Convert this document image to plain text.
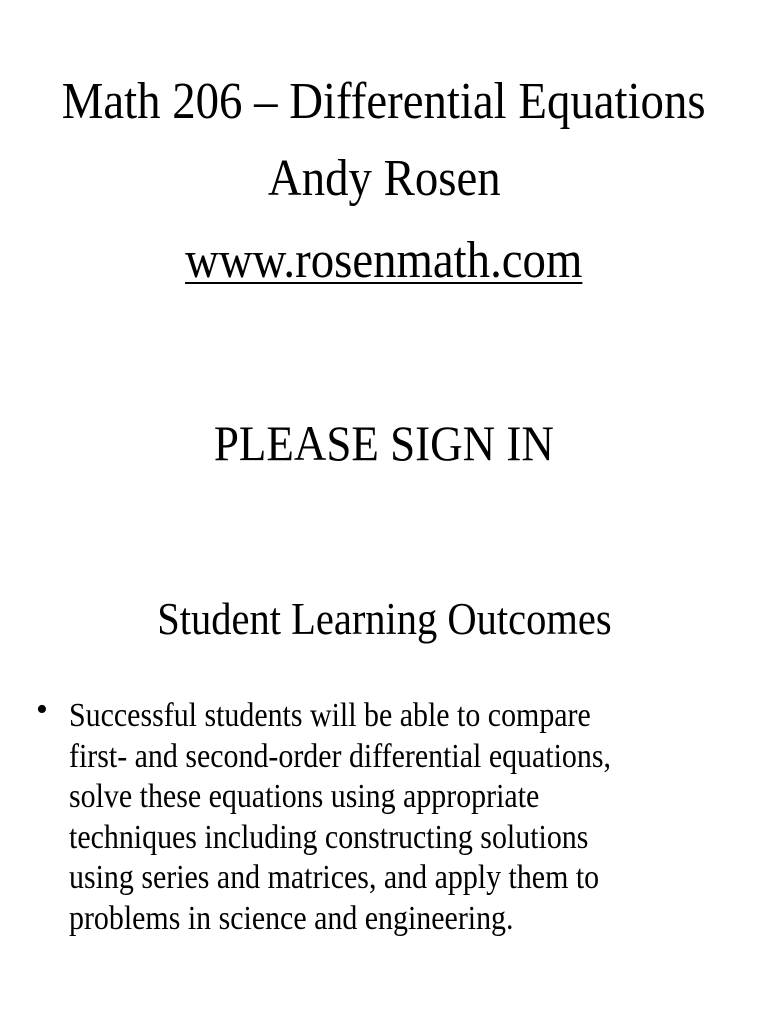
Math 206 – Differential Equations
Andy Rosen
www.rosenmath.com
PLEASE SIGN IN
Student Learning Outcomes
• Successful students will be able to compare
first- and second-order differential equations,
solve these equations using appropriate
techniques including constructing solutions
using series and matrices, and apply them to
problems in science and engineering.
